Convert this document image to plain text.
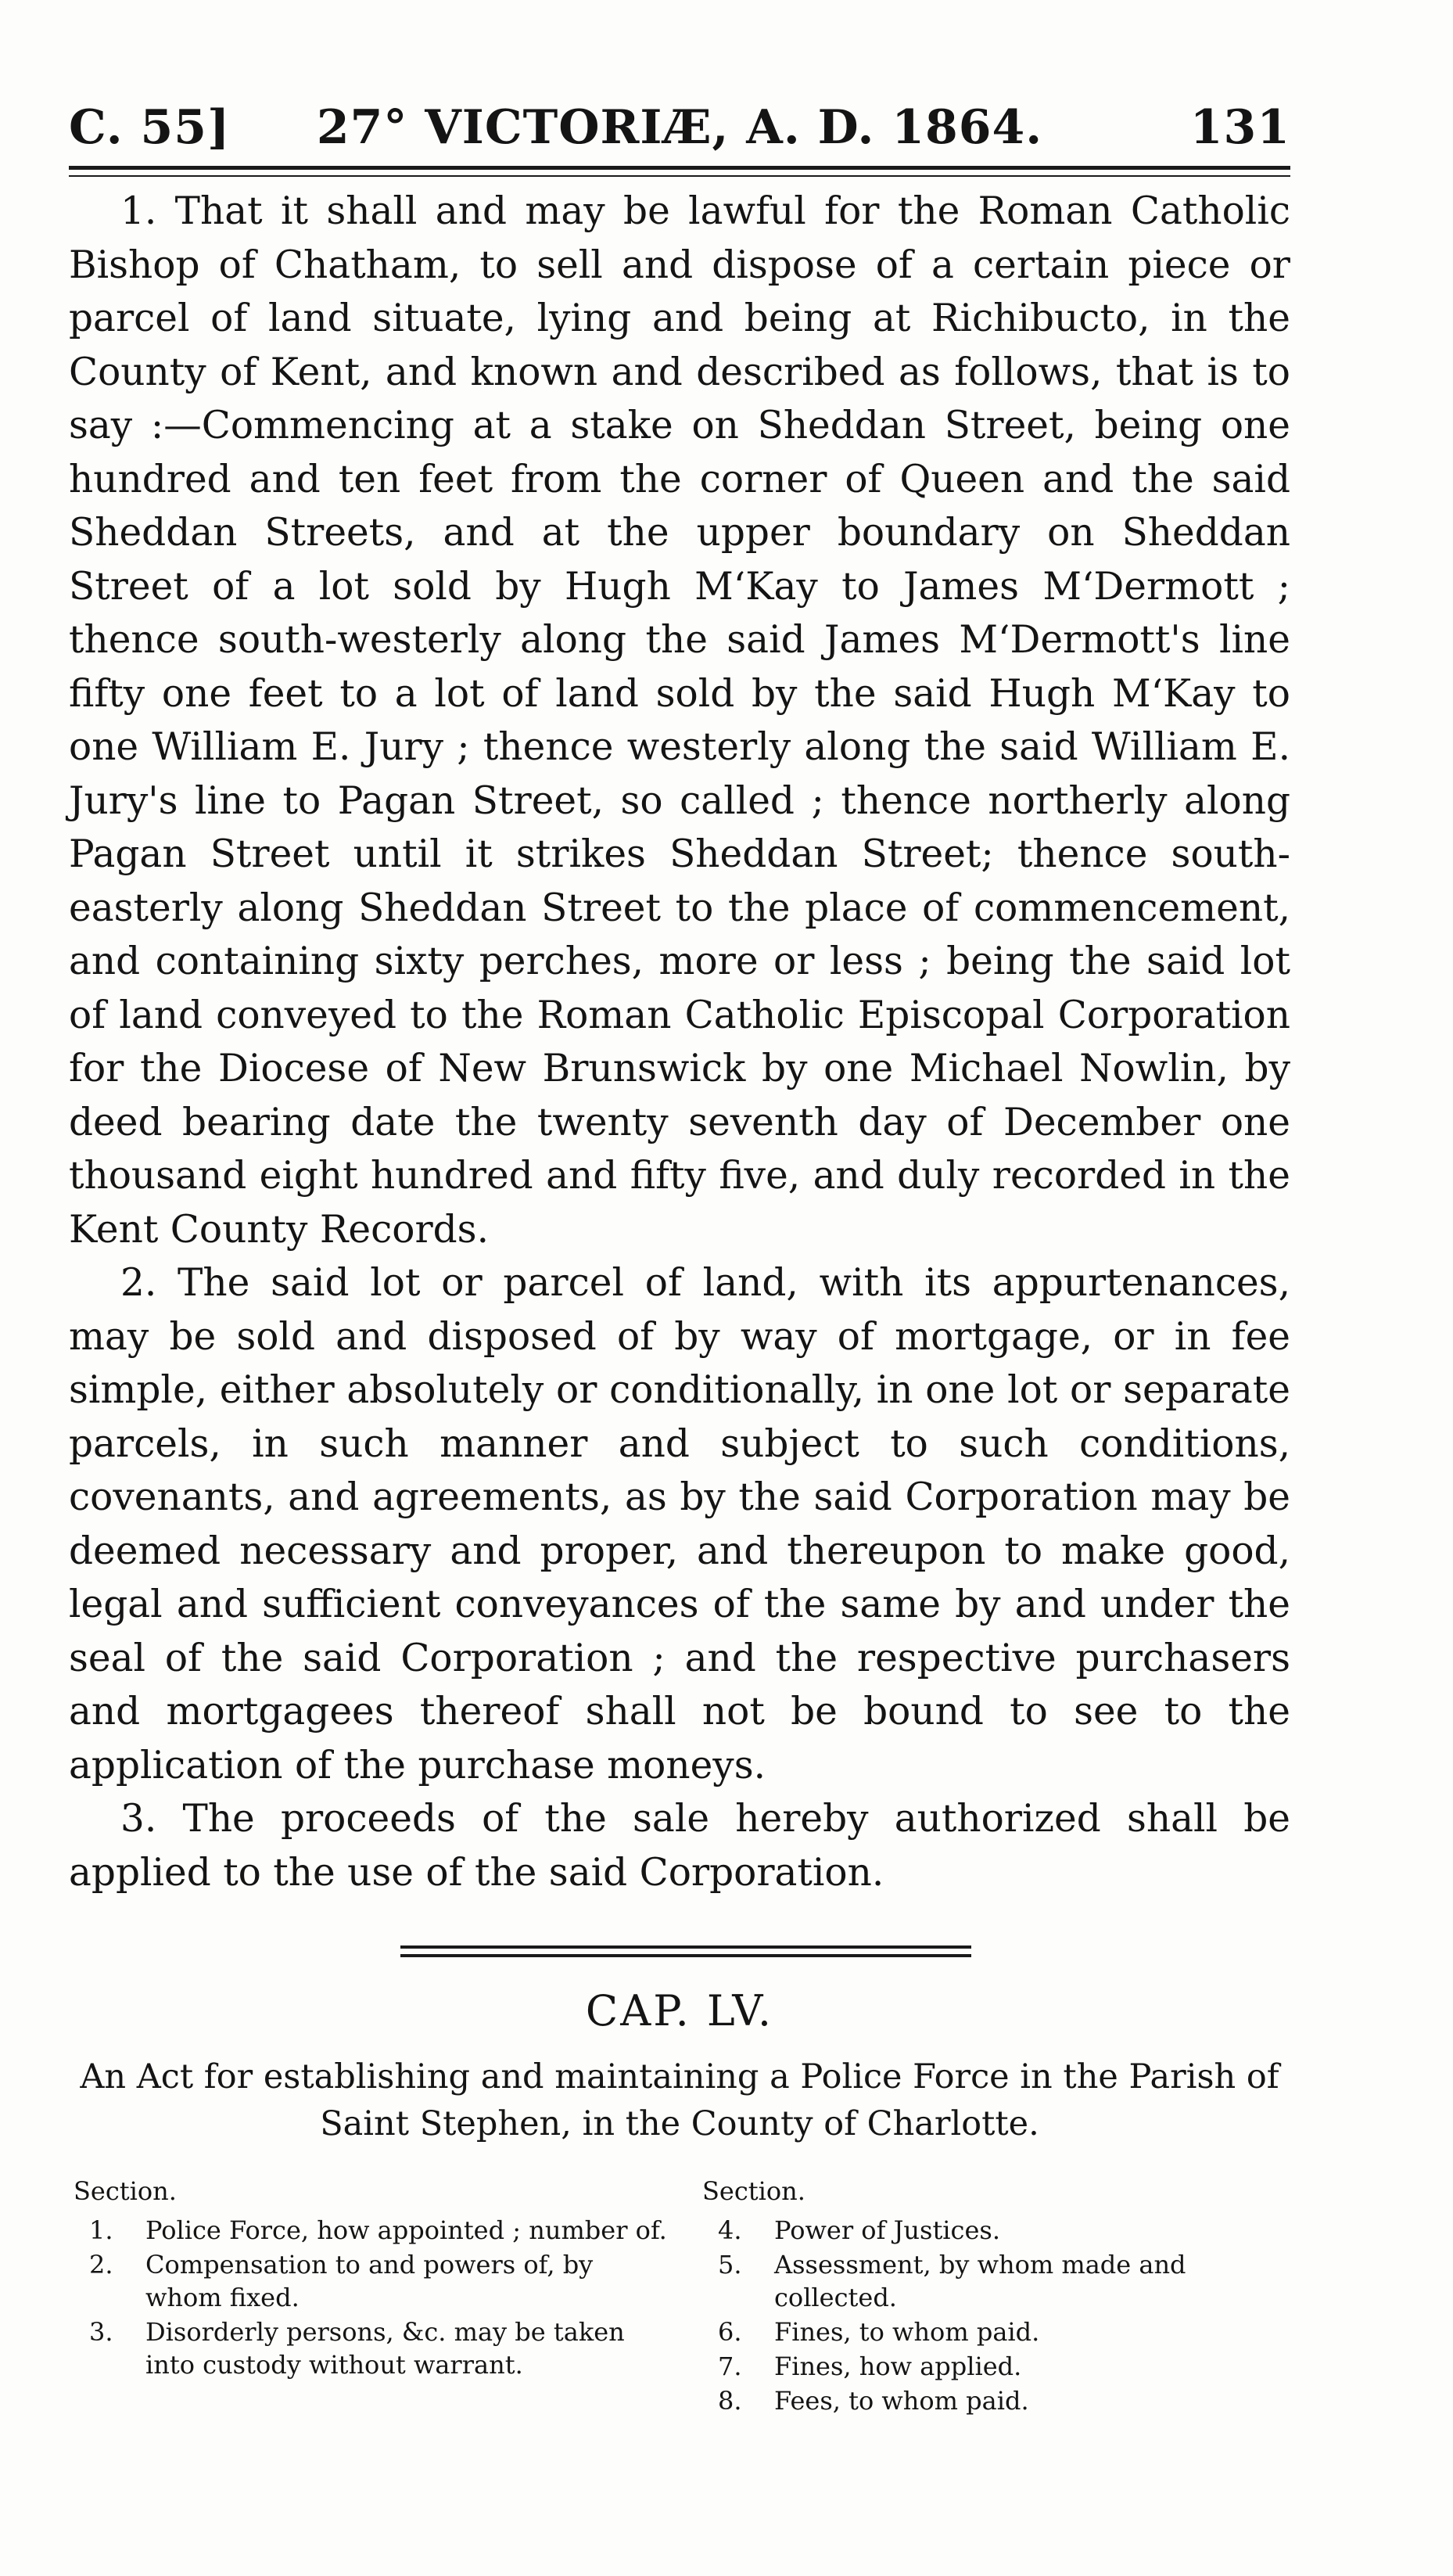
C. 55]	27° VICTORIÆ, A. D. 1864.	131

1. That it shall and may be lawful for the Roman Catholic Bishop of Chatham, to sell and dispose of a certain piece or parcel of land situate, lying and being at Richibucto, in the County of Kent, and known and described as follows, that is to say :—Commencing at a stake on Sheddan Street, being one hundred and ten feet from the corner of Queen and the said Sheddan Streets, and at the upper boundary on Sheddan Street of a lot sold by Hugh M‘Kay to James M‘Dermott ; thence south-westerly along the said James M‘Dermott's line fifty one feet to a lot of land sold by the said Hugh M‘Kay to one William E. Jury ; thence westerly along the said William E. Jury's line to Pagan Street, so called ; thence northerly along Pagan Street until it strikes Sheddan Street; thence south-easterly along Sheddan Street to the place of commencement, and containing sixty perches, more or less ; being the said lot of land conveyed to the Roman Catholic Episcopal Corporation for the Diocese of New Brunswick by one Michael Nowlin, by deed bearing date the twenty seventh day of December one thousand eight hundred and fifty five, and duly recorded in the Kent County Records.

2. The said lot or parcel of land, with its appurtenances, may be sold and disposed of by way of mortgage, or in fee simple, either absolutely or conditionally, in one lot or separate parcels, in such manner and subject to such conditions, covenants, and agreements, as by the said Corporation may be deemed necessary and proper, and thereupon to make good, legal and sufficient conveyances of the same by and under the seal of the said Corporation ; and the respective purchasers and mortgagees thereof shall not be bound to see to the application of the purchase moneys.

3. The proceeds of the sale hereby authorized shall be applied to the use of the said Corporation.

CAP. LV.
An Act for establishing and maintaining a Police Force in the Parish of Saint Stephen, in the County of Charlotte.
Section.
1. Police Force, how appointed ; number of.
2. Compensation to and powers of, by whom fixed.
3. Disorderly persons, &c. may be taken into custody without warrant.
Section.
4. Power of Justices.
5. Assessment, by whom made and collected.
6. Fines, to whom paid.
7. Fines, how applied.
8. Fees, to whom paid.
